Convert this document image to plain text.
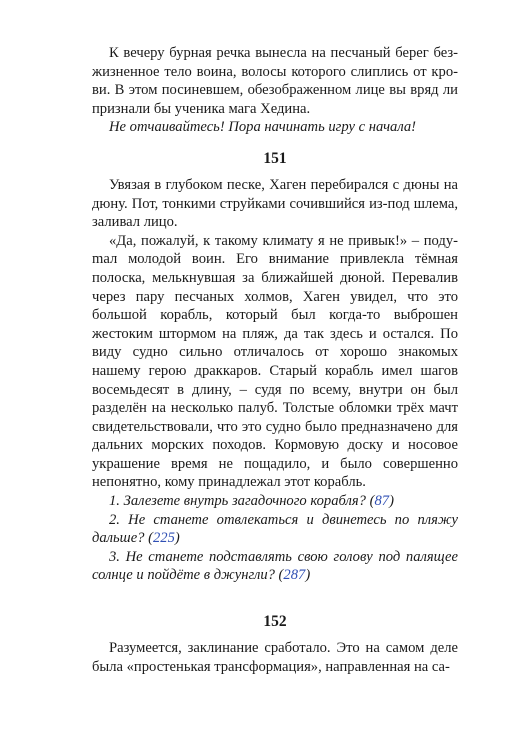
К вечеру бурная речка вынесла на песчаный берег безжизненное тело воина, волосы которого слиплись от крови. В этом посиневшем, обезображенном лице вы вряд ли признали бы ученика мага Хедина.

Не отчаивайтесь! Пора начинать игру с начала!

151

Увязая в глубоком песке, Хаген перебирался с дюны на дюну. Пот, тонкими струйками сочившийся из-под шлема, заливал лицо.

«Да, пожалуй, к такому климату я не привык!» – подуmал молодой воин. Его внимание привлекла тёмная полоска, мелькнувшая за ближайшей дюной. Перевалив через пару песчаных холмов, Хаген увидел, что это большой корабль, который был когда-то выброшен жестоким штормом на пляж, да так здесь и остался. По виду судно сильно отличалось от хорошо знакомых нашему герою драккаров. Старый корабль имел шагов восемьдесят в длину, – судя по всему, внутри он был разделён на несколько палуб. Толстые обломки трёх мачт свидетельствовали, что это судно было предназначено для дальних морских походов. Кормовую доску и носовое украшение время не пощадило, и было совершенно непонятно, кому принадлежал этот корабль.

1. Залезете внутрь загадочного корабля? (87)

2. Не станете отвлекаться и двинетесь по пляжу дальше? (225)

3. Не станете подставлять свою голову под палящее солнце и пойдёте в джунгли? (287)

152

Разумеется, заклинание сработало. Это на самом деле была «простенькая трансформация», направленная на са-
